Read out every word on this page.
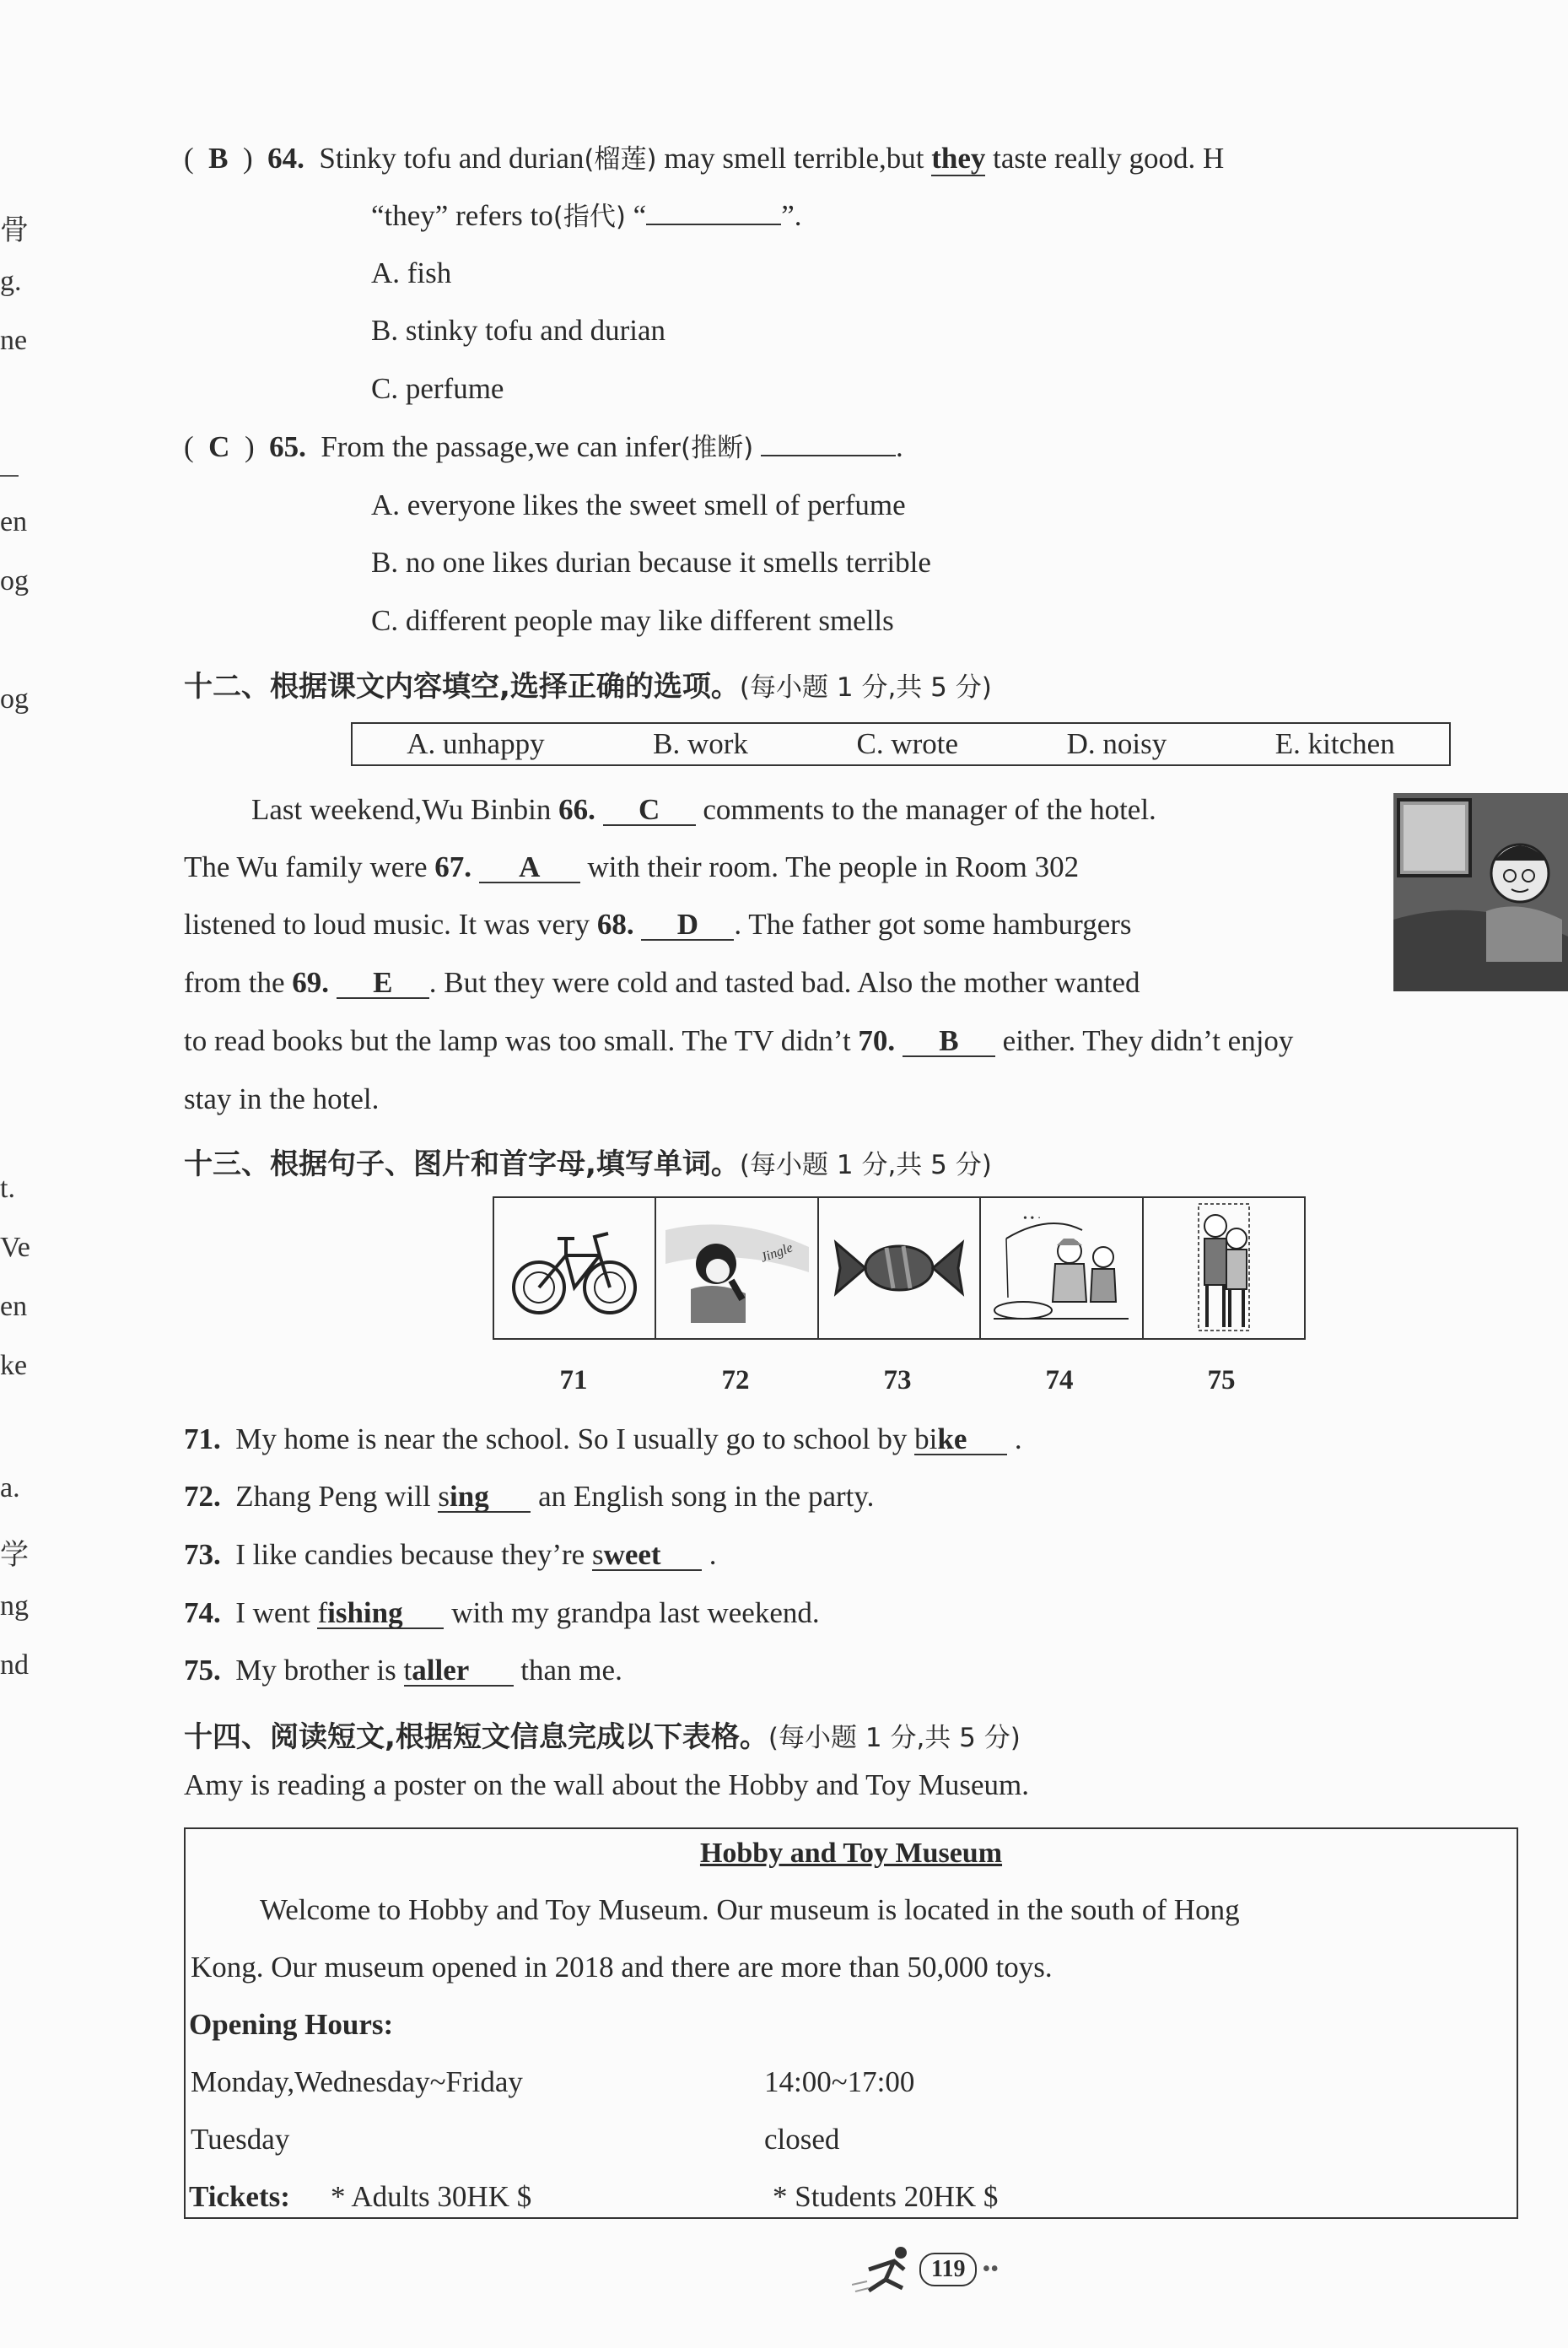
骨
g.
ne
en
og
og
t.
Ve
en
ke
a.
学
ng
nd
(  B  )  64. Stinky tofu and durian(榴莲) may smell terrible,but they taste really good. H
“they” refers to(指代) “	”.
A. fish
B. stinky tofu and durian
C. perfume
(  C  )  65. From the passage,we can infer(推断)	.
A. everyone likes the sweet smell of perfume
B. no one likes durian because it smells terrible
C. different people may like different smells
十二、根据课文内容填空,选择正确的选项。(每小题 1 分,共 5 分)
A. unhappy	B. work	C. wrote	D. noisy	E. kitchen
Last weekend,Wu Binbin 66. C comments to the manager of the hotel.
The Wu family were 67. A with their room. The people in Room 302
listened to loud music. It was very 68. D . The father got some hamburgers
from the 69. E . But they were cold and tasted bad. Also the mother wanted
to read books but the lamp was too small. The TV didn’t 70. B either. They didn’t enjoy
stay in the hotel.
十三、根据句子、图片和首字母,填写单词。(每小题 1 分,共 5 分)
Jingle
• • ·
71	72	73	74	75
71. My home is near the school. So I usually go to school by bike .
72. Zhang Peng will sing an English song in the party.
73. I like candies because they’re sweet .
74. I went fishing with my grandpa last weekend.
75. My brother is taller than me.
十四、阅读短文,根据短文信息完成以下表格。(每小题 1 分,共 5 分)
Amy is reading a poster on the wall about the Hobby and Toy Museum.
Hobby and Toy Museum
Welcome to Hobby and Toy Museum. Our museum is located in the south of Hong
Kong. Our museum opened in 2018 and there are more than 50,000 toys.
Opening Hours:
Monday,Wednesday~Friday	14:00~17:00
Tuesday	closed
Tickets: * Adults 30HK $	* Students 20HK $
119 ••
